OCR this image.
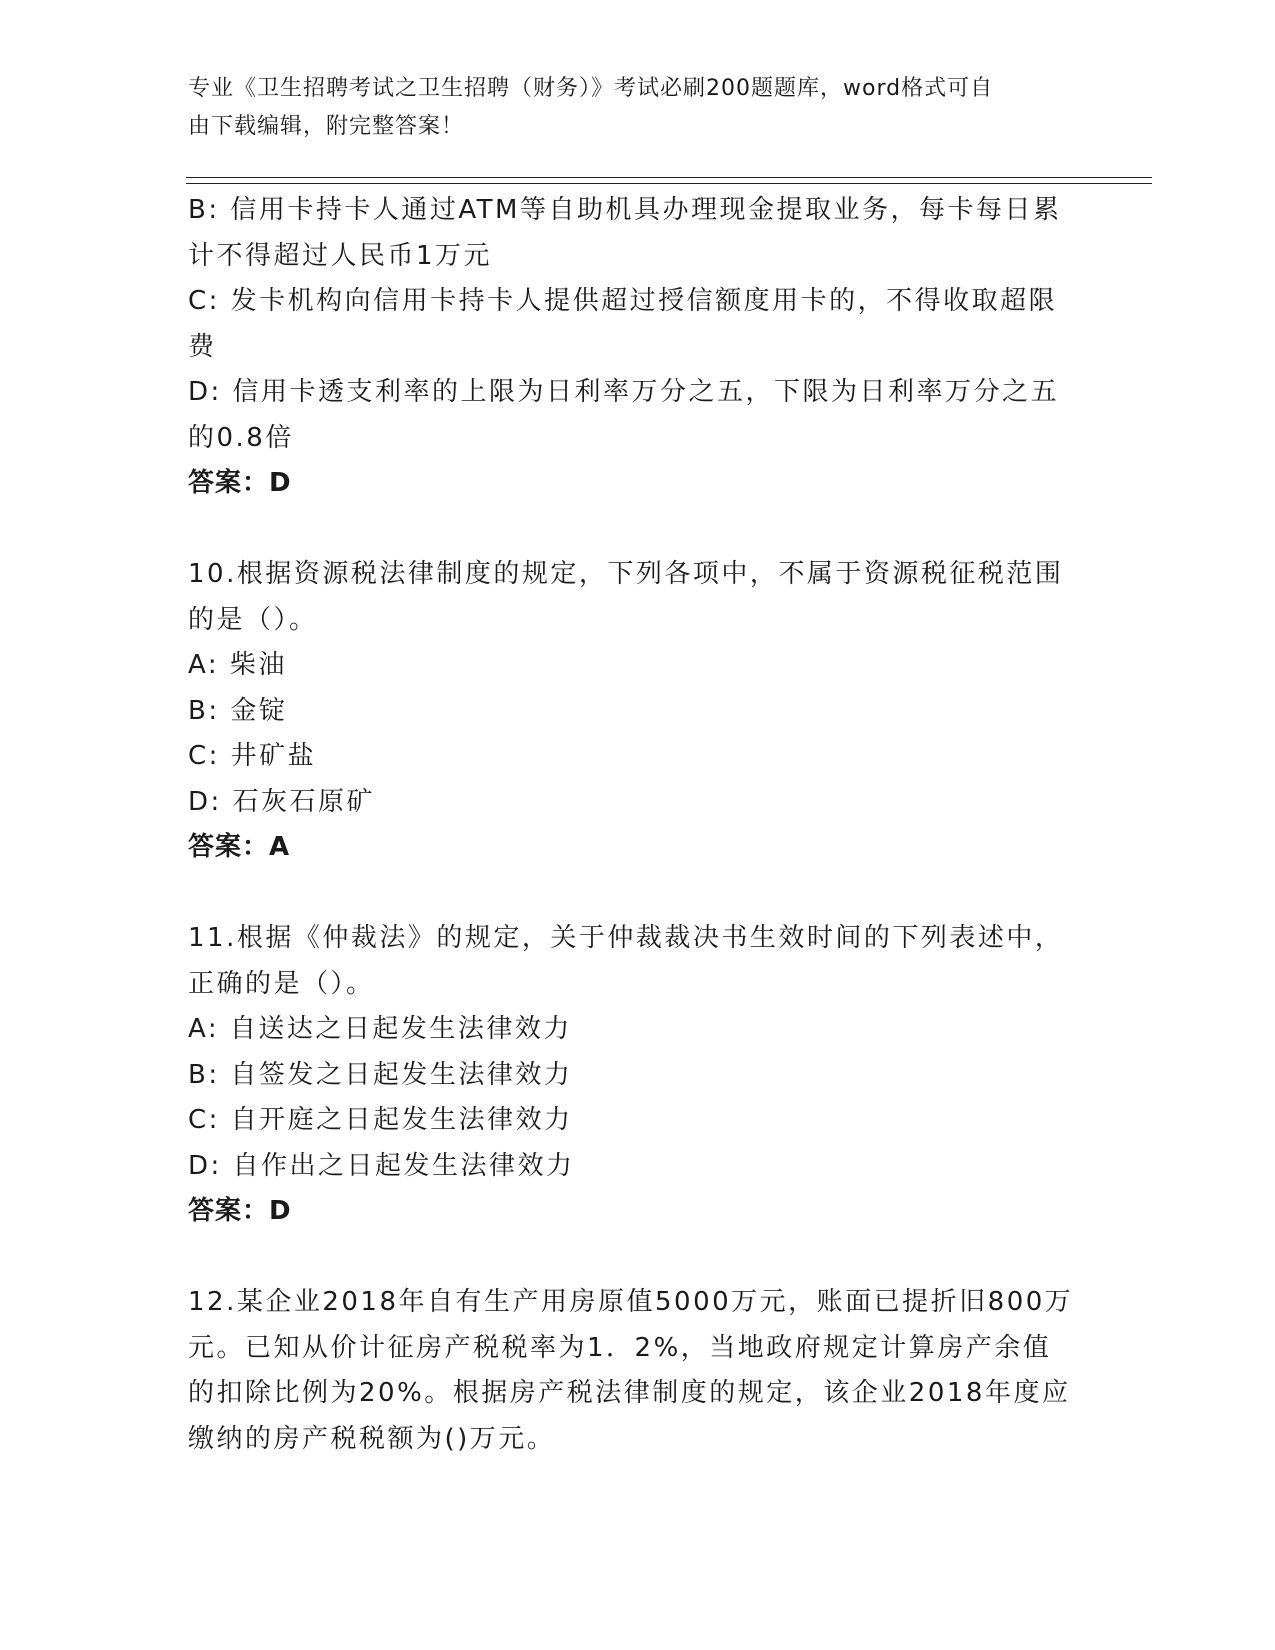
专业《卫生招聘考试之卫生招聘（财务）》考试必刷200题题库，word格式可自
由下载编辑，附完整答案！
B: 信用卡持卡人通过ATM等自助机具办理现金提取业务，每卡每日累
计不得超过人民币1万元
C: 发卡机构向信用卡持卡人提供超过授信额度用卡的，不得收取超限
费
D: 信用卡透支利率的上限为日利率万分之五，下限为日利率万分之五
的0.8倍
答案：D
10.根据资源税法律制度的规定，下列各项中，不属于资源税征税范围
的是（）。
A: 柴油
B: 金锭
C: 井矿盐
D: 石灰石原矿
答案：A
11.根据《仲裁法》的规定，关于仲裁裁决书生效时间的下列表述中，
正确的是（）。
A: 自送达之日起发生法律效力
B: 自签发之日起发生法律效力
C: 自开庭之日起发生法律效力
D: 自作出之日起发生法律效力
答案：D
12.某企业2018年自有生产用房原值5000万元，账面已提折旧800万
元。已知从价计征房产税税率为1．2%，当地政府规定计算房产余值
的扣除比例为20%。根据房产税法律制度的规定，该企业2018年度应
缴纳的房产税税额为()万元。
